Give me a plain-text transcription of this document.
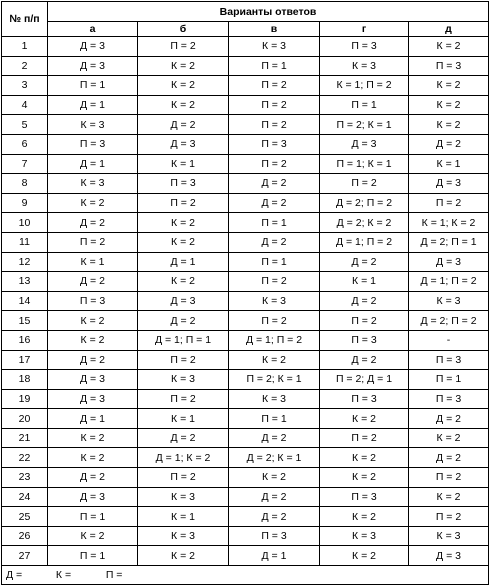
№ п/п	Варианты ответов				
	а	б	в	г	д
1	Д = 3	П = 2	К = 3	П = 3	К = 2
2	Д = 3	К = 2	П = 1	К = 3	П = 3
3	П = 1	К = 2	П = 2	К = 1; П = 2	К = 2
4	Д = 1	К = 2	П = 2	П = 1	К = 2
5	К = 3	Д = 2	П = 2	П = 2; К = 1	К = 2
6	П = 3	Д = 3	П = 3	Д = 3	Д = 2
7	Д = 1	К = 1	П = 2	П = 1; К = 1	К = 1
8	К = 3	П = 3	Д = 2	П = 2	Д = 3
9	К = 2	П = 2	Д = 2	Д = 2; П = 2	П = 2
10	Д = 2	К = 2	П = 1	Д = 2; К = 2	К = 1; К = 2
11	П = 2	К = 2	Д = 2	Д = 1; П = 2	Д = 2; П = 1
12	К = 1	Д = 1	П = 1	Д = 2	Д = 3
13	Д = 2	К = 2	П = 2	К = 1	Д = 1; П = 2
14	П = 3	Д = 3	К = 3	Д = 2	К = 3
15	К = 2	Д = 2	П = 2	П = 2	Д = 2; П = 2
16	К = 2	Д = 1; П = 1	Д = 1; П = 2	П = 3	-
17	Д = 2	П = 2	К = 2	Д = 2	П = 3
18	Д = 3	К = 3	П = 2; К = 1	П = 2; Д = 1	П = 1
19	Д = 3	П = 2	К = 3	П = 3	П = 3
20	Д = 1	К = 1	П = 1	К = 2	Д = 2
21	К = 2	Д = 2	Д = 2	П = 2	К = 2
22	К = 2	Д = 1; К = 2	Д = 2; К = 1	К = 2	Д = 2
23	Д = 2	П = 2	К = 2	К = 2	П = 2
24	Д = 3	К = 3	Д = 2	П = 3	К = 2
25	П = 1	К = 1	Д = 2	К = 2	П = 2
26	К = 2	К = 3	П = 3	К = 3	К = 3
27	П = 1	К = 2	Д = 1	К = 2	Д = 3
Д = К = П =					
